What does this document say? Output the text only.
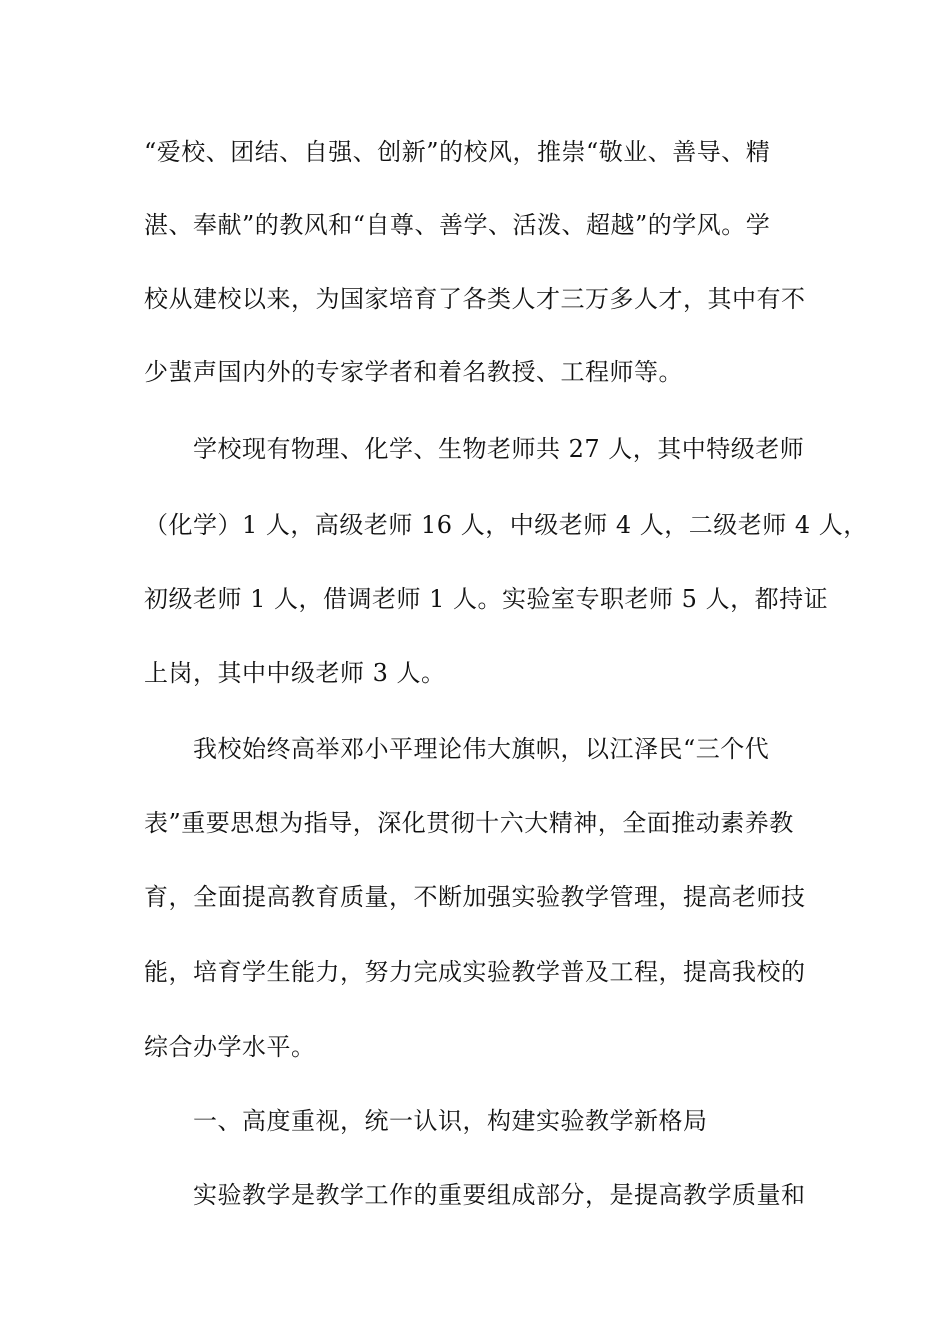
“爱校、团结、自强、创新”的校风，推崇“敬业、善导、精
湛、奉献”的教风和“自尊、善学、活泼、超越”的学风。学
校从建校以来，为国家培育了各类人才三万多人才，其中有不
少蜚声国内外的专家学者和着名教授、工程师等。
学校现有物理、化学、生物老师共 27 人，其中特级老师
（化学）1 人，高级老师 16 人，中级老师 4 人，二级老师 4 人，
初级老师 1 人，借调老师 1 人。实验室专职老师 5 人，都持证
上岗，其中中级老师 3 人。
我校始终高举邓小平理论伟大旗帜，以江泽民“三个代
表”重要思想为指导，深化贯彻十六大精神，全面推动素养教
育，全面提高教育质量，不断加强实验教学管理，提高老师技
能，培育学生能力，努力完成实验教学普及工程，提高我校的
综合办学水平。
一、高度重视，统一认识，构建实验教学新格局
实验教学是教学工作的重要组成部分，是提高教学质量和
